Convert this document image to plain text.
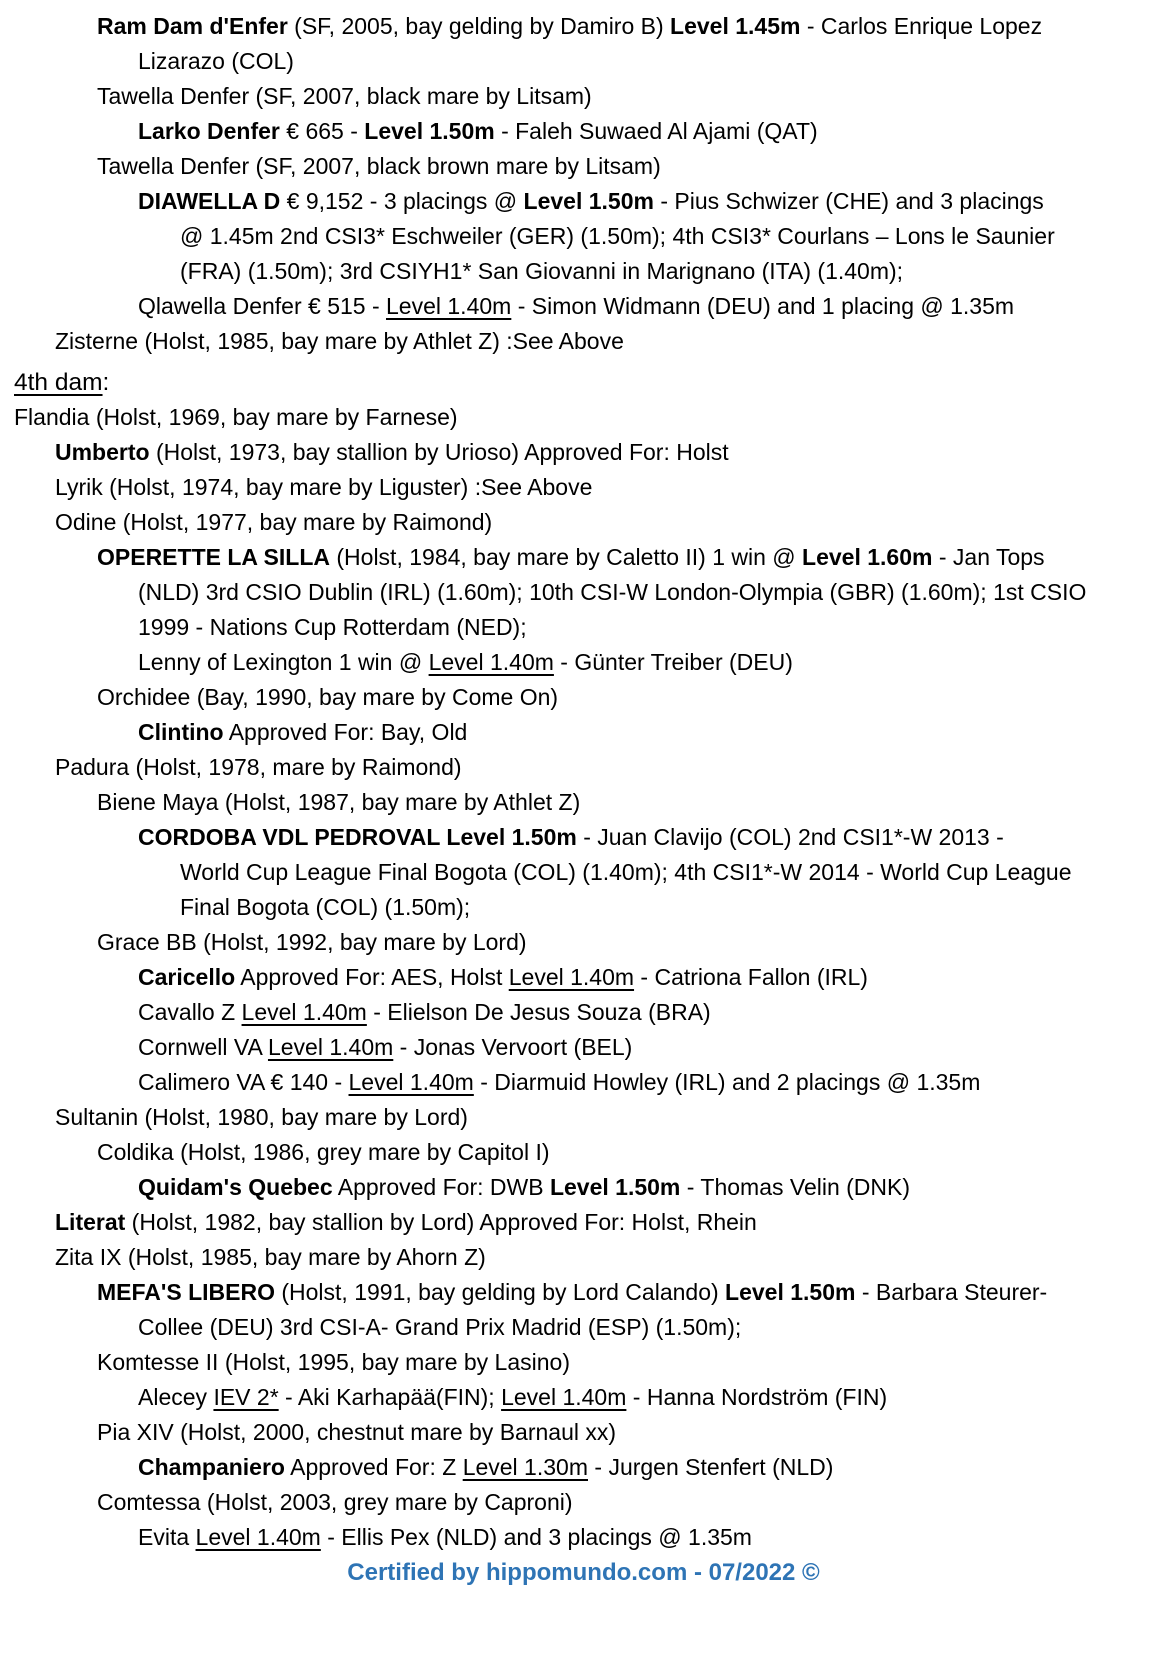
Ram Dam d'Enfer (SF, 2005, bay gelding by Damiro B) Level 1.45m - Carlos Enrique Lopez
Lizarazo (COL)
Tawella Denfer (SF, 2007, black mare by Litsam)
Larko Denfer € 665 - Level 1.50m - Faleh Suwaed Al Ajami (QAT)
Tawella Denfer (SF, 2007, black brown mare by Litsam)
DIAWELLA D € 9,152 - 3 placings @ Level 1.50m - Pius Schwizer (CHE) and 3 placings
@ 1.45m 2nd CSI3* Eschweiler (GER) (1.50m); 4th CSI3* Courlans – Lons le Saunier
(FRA) (1.50m); 3rd CSIYH1* San Giovanni in Marignano (ITA) (1.40m);
Qlawella Denfer € 515 - Level 1.40m - Simon Widmann (DEU) and 1 placing @ 1.35m
Zisterne (Holst, 1985, bay mare by Athlet Z) :See Above
4th dam:
Flandia (Holst, 1969, bay mare by Farnese)
Umberto (Holst, 1973, bay stallion by Urioso) Approved For: Holst
Lyrik (Holst, 1974, bay mare by Liguster) :See Above
Odine (Holst, 1977, bay mare by Raimond)
OPERETTE LA SILLA (Holst, 1984, bay mare by Caletto II) 1 win @ Level 1.60m - Jan Tops
(NLD) 3rd CSIO Dublin (IRL) (1.60m); 10th CSI-W London-Olympia (GBR) (1.60m); 1st CSIO
1999 - Nations Cup Rotterdam (NED);
Lenny of Lexington 1 win @ Level 1.40m - Günter Treiber (DEU)
Orchidee (Bay, 1990, bay mare by Come On)
Clintino Approved For: Bay, Old
Padura (Holst, 1978, mare by Raimond)
Biene Maya (Holst, 1987, bay mare by Athlet Z)
CORDOBA VDL PEDROVAL Level 1.50m - Juan Clavijo (COL) 2nd CSI1*-W 2013 -
World Cup League Final Bogota (COL) (1.40m); 4th CSI1*-W 2014 - World Cup League
Final Bogota (COL) (1.50m);
Grace BB (Holst, 1992, bay mare by Lord)
Caricello Approved For: AES, Holst Level 1.40m - Catriona Fallon (IRL)
Cavallo Z Level 1.40m - Elielson De Jesus Souza (BRA)
Cornwell VA Level 1.40m - Jonas Vervoort (BEL)
Calimero VA € 140 - Level 1.40m - Diarmuid Howley (IRL) and 2 placings @ 1.35m
Sultanin (Holst, 1980, bay mare by Lord)
Coldika (Holst, 1986, grey mare by Capitol I)
Quidam's Quebec Approved For: DWB Level 1.50m - Thomas Velin (DNK)
Literat (Holst, 1982, bay stallion by Lord) Approved For: Holst, Rhein
Zita IX (Holst, 1985, bay mare by Ahorn Z)
MEFA'S LIBERO (Holst, 1991, bay gelding by Lord Calando) Level 1.50m - Barbara Steurer-
Collee (DEU) 3rd CSI-A- Grand Prix Madrid (ESP) (1.50m);
Komtesse II (Holst, 1995, bay mare by Lasino)
Alecey IEV 2* - Aki Karhapää(FIN); Level 1.40m - Hanna Nordström (FIN)
Pia XIV (Holst, 2000, chestnut mare by Barnaul xx)
Champaniero Approved For: Z Level 1.30m - Jurgen Stenfert (NLD)
Comtessa (Holst, 2003, grey mare by Caproni)
Evita Level 1.40m - Ellis Pex (NLD) and 3 placings @ 1.35m
Certified by hippomundo.com - 07/2022 ©
